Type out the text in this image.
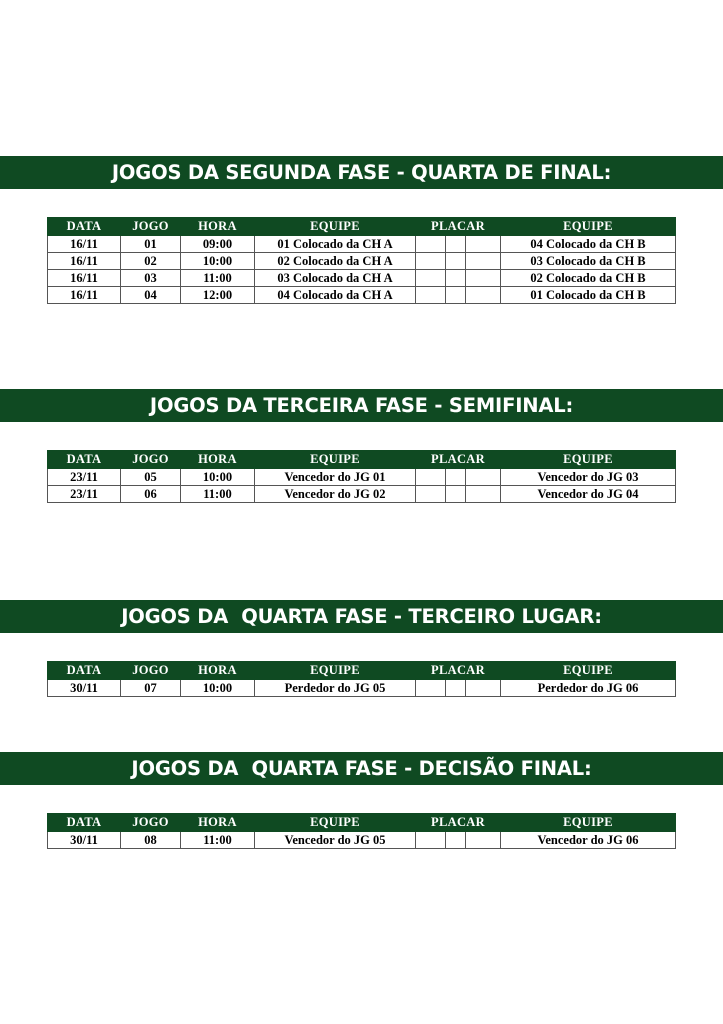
JOGOS DA SEGUNDA FASE - QUARTA DE FINAL:
DATA	JOGO	HORA	EQUIPE	PLACAR			EQUIPE
16/11	01	09:00	01 Colocado da CH A				04 Colocado da CH B
16/11	02	10:00	02 Colocado da CH A				03 Colocado da CH B
16/11	03	11:00	03 Colocado da CH A				02 Colocado da CH B
16/11	04	12:00	04 Colocado da CH A				01 Colocado da CH B
JOGOS DA TERCEIRA FASE - SEMIFINAL:
DATA	JOGO	HORA	EQUIPE	PLACAR			EQUIPE
23/11	05	10:00	Vencedor do JG 01				Vencedor do JG 03
23/11	06	11:00	Vencedor do JG 02				Vencedor do JG 04
JOGOS DA  QUARTA FASE - TERCEIRO LUGAR:
DATA	JOGO	HORA	EQUIPE	PLACAR			EQUIPE
30/11	07	10:00	Perdedor do JG 05				Perdedor do JG 06
JOGOS DA  QUARTA FASE - DECISÃO FINAL:
DATA	JOGO	HORA	EQUIPE	PLACAR			EQUIPE
30/11	08	11:00	Vencedor do JG 05				Vencedor do JG 06
